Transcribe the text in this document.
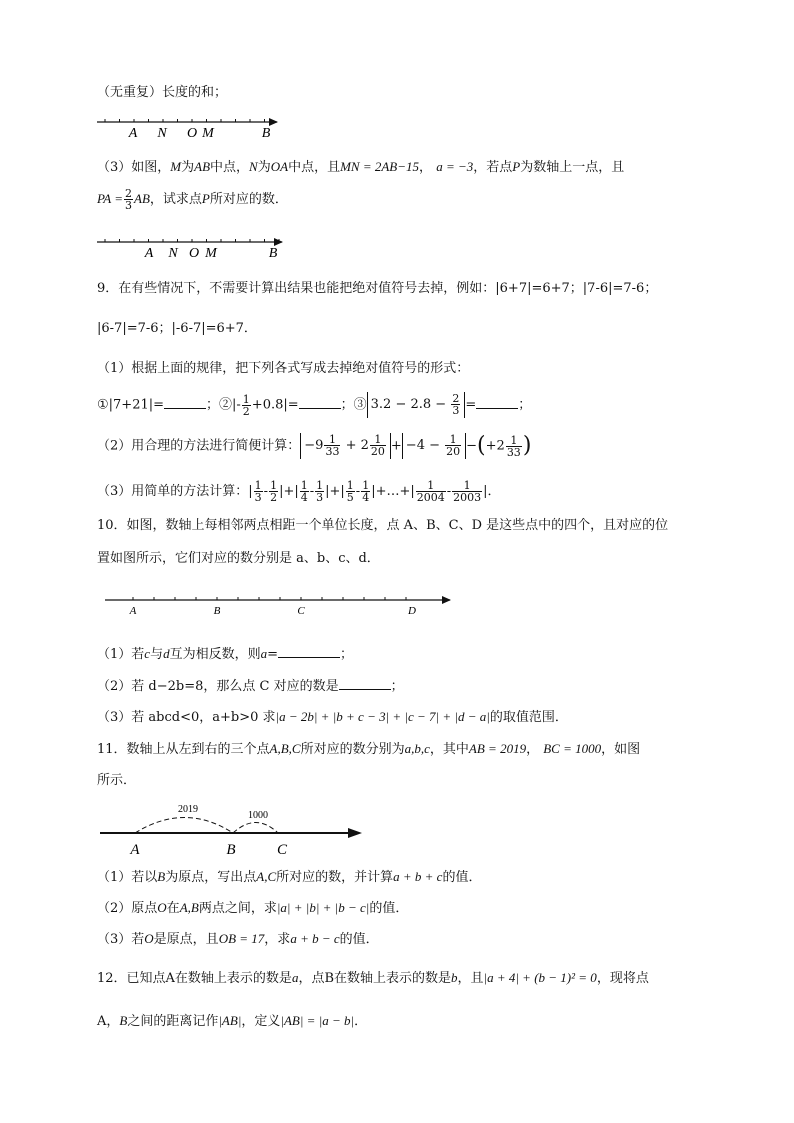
（无重复）长度的和；
A N O M	B
（3）如图，M为AB中点，N为OA中点，且MN = 2AB−15， a = −3，若点P为数轴上一点，且
PA = $\frac{2}{3}$ AB，试求点P所对应的数．
A N O M	B
9．在有些情况下，不需要计算出结果也能把绝对值符号去掉，例如：|6+7|=6+7；|7-6|=7-6；
|6-7|=7-6；|-6-7|=6+7．
（1）根据上面的规律，把下列各式写成去掉绝对值符号的形式：
①|7+21|=	；②|- $\frac{1}{2} +0.8|=$	；③ $3.2 - 2.8 - \frac{2}{3}$ =	；
（2）用合理的方法进行简便计算： $-9 \frac{1}{33} + 2 \frac{1}{20} + -4 - \frac{1}{20} -(+2 \frac{1}{33}$ )
（3）用简单的方法计算：| $\frac{1}{3} - \frac{1}{2}$ |+| $\frac{1}{4} - \frac{1}{3}$ |+| $\frac{1}{5} - \frac{1}{4}$ |+…+| $\frac{1}{2004} - \frac{1}{2003}$ |．
10．如图，数轴上每相邻两点相距一个单位长度，点 A、B、C、D 是这些点中的四个，且对应的位
置如图所示，它们对应的数分别是 a、b、c、d．
A	B	C	D
（1）若c与d互为相反数，则a=	；
（2）若 d−2b=8，那么点 C 对应的数是	；
（3）若 abcd<0，a+b>0 求|a − 2b| + |b + c − 3| + |c − 7| + |d − a|的取值范围．
11．数轴上从左到右的三个点A,B,C所对应的数分别为a,b,c，其中AB = 2019， BC = 1000，如图
所示．
2019
1000
A	B	C
（1）若以B为原点，写出点A,C所对应的数，并计算a + b + c的值．
（2）原点O在A,B两点之间，求|a| + |b| + |b − c|的值．
（3）若O是原点，且OB = 17，求a + b − c的值．
12．已知点A在数轴上表示的数是a，点B在数轴上表示的数是b，且|a + 4| + (b − 1)² = 0，现将点
A，B之间的距离记作|AB|，定义|AB| = |a − b|．
